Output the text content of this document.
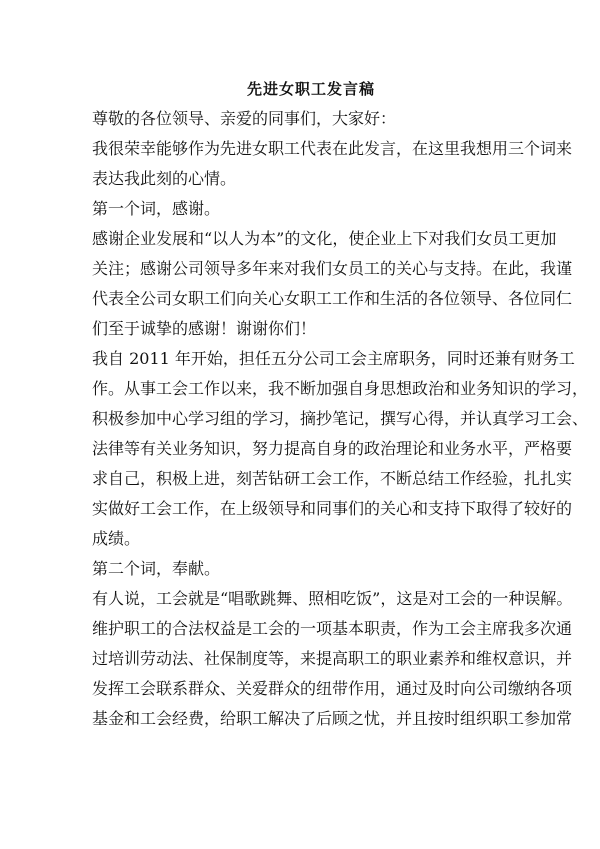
先进女职工发言稿

尊敬的各位领导、亲爱的同事们，大家好：

我很荣幸能够作为先进女职工代表在此发言，在这里我想用三个词来

表达我此刻的心情。

第一个词，感谢。

感谢企业发展和“以人为本”的文化，使企业上下对我们女员工更加

关注；感谢公司领导多年来对我们女员工的关心与支持。在此，我谨

代表全公司女职工们向关心女职工工作和生活的各位领导、各位同仁

们至于诚挚的感谢！谢谢你们！

我自 2011 年开始，担任五分公司工会主席职务，同时还兼有财务工

作。从事工会工作以来，我不断加强自身思想政治和业务知识的学习，

积极参加中心学习组的学习，摘抄笔记，撰写心得，并认真学习工会、

法律等有关业务知识，努力提高自身的政治理论和业务水平，严格要

求自己，积极上进，刻苦钻研工会工作，不断总结工作经验，扎扎实

实做好工会工作，在上级领导和同事们的关心和支持下取得了较好的

成绩。

第二个词，奉献。

有人说，工会就是“唱歌跳舞、照相吃饭”，这是对工会的一种误解。

维护职工的合法权益是工会的一项基本职责，作为工会主席我多次通

过培训劳动法、社保制度等，来提高职工的职业素养和维权意识，并

发挥工会联系群众、关爱群众的纽带作用，通过及时向公司缴纳各项

基金和工会经费，给职工解决了后顾之忧，并且按时组织职工参加常
